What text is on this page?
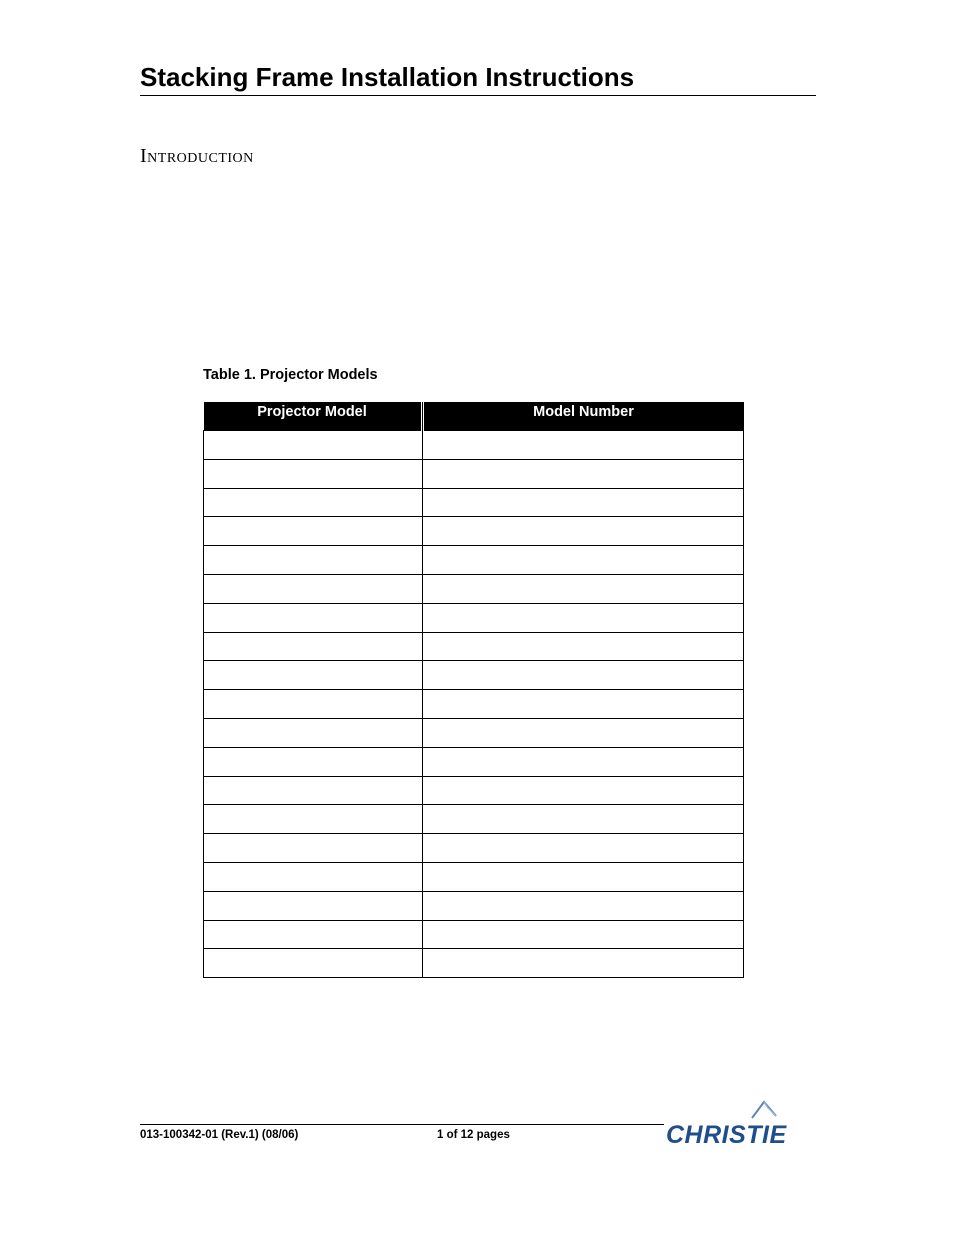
Stacking Frame Installation Instructions
Introduction
Table 1. Projector Models
Projector Model	Model Number

013-100342-01 (Rev.1) (08/06)	1 of 12 pages	CHRISTIE
